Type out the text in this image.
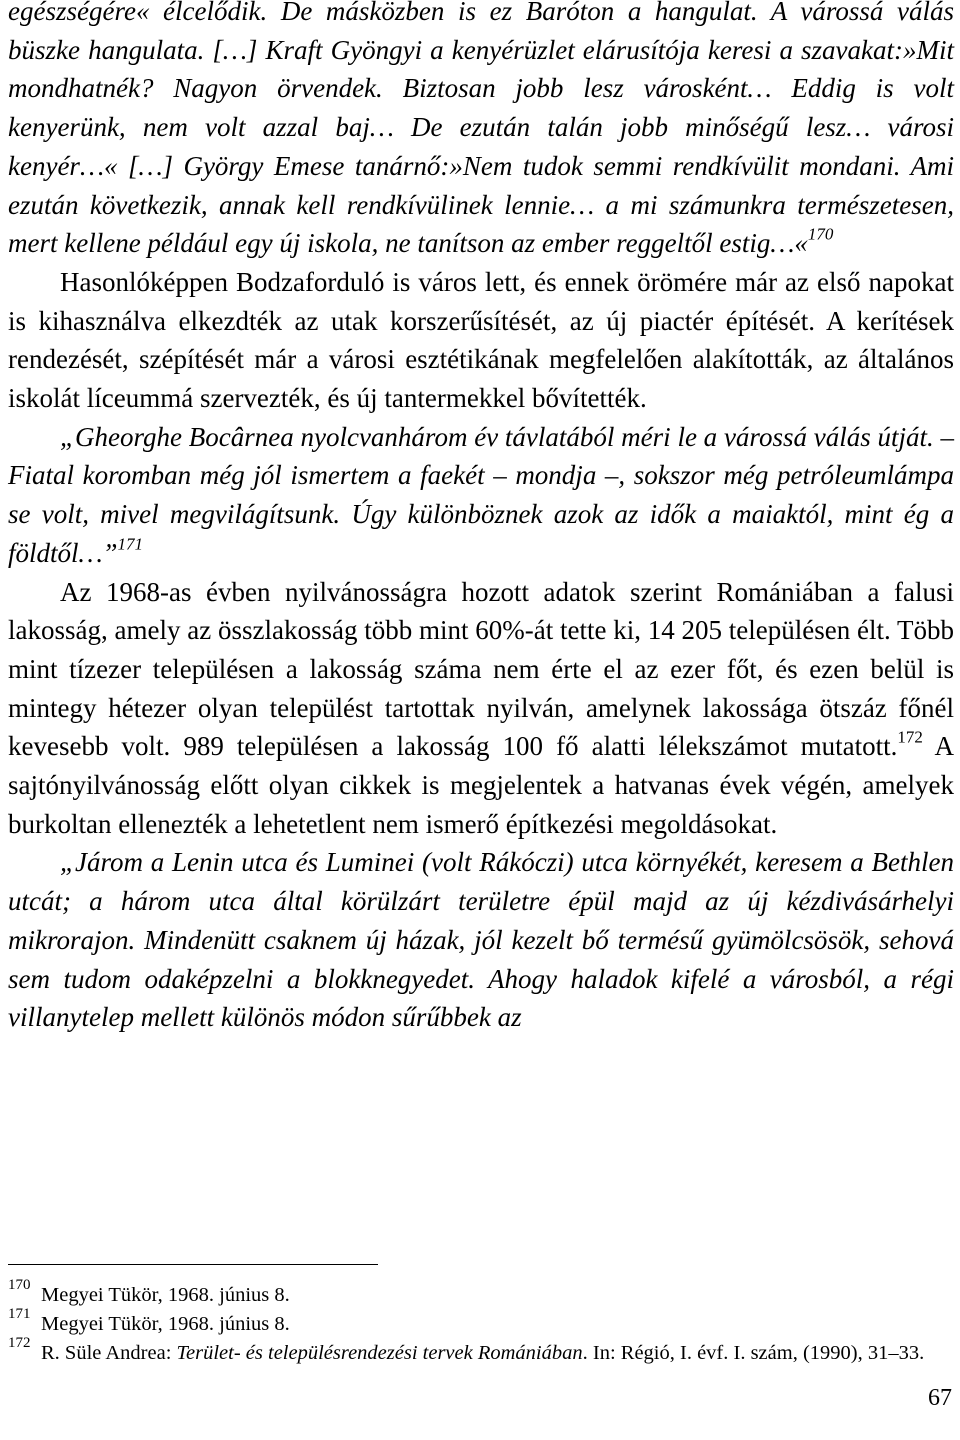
egészségére« élcelődik. De másközben is ez Baróton a hangulat. A várossá válás büszke hangulata. […] Kraft Gyöngyi a kenyérüzlet elárusítója keresi a szavakat:»Mit mondhatnék? Nagyon örvendek. Biztosan jobb lesz városként… Eddig is volt kenyerünk, nem volt azzal baj… De ezután talán jobb minőségű lesz… városi kenyér…« […] György Emese tanárnő:»Nem tudok semmi rendkívülit mondani. Ami ezután következik, annak kell rendkívülinek lennie… a mi számunkra természetesen, mert kellene például egy új iskola, ne tanítson az ember reggeltől estig…«$^{170}$

Hasonlóképpen Bodzaforduló is város lett, és ennek örömére már az első napokat is kihasználva elkezdték az utak korszerűsítését, az új piactér építését. A kerítések rendezését, szépítését már a városi esztétikának megfelelően alakították, az általános iskolát líceummá szervezték, és új tantermekkel bővítették.

„Gheorghe Bocârnea nyolcvanhárom év távlatából méri le a várossá válás útját. ‒ Fiatal koromban még jól ismertem a faekét ‒ mondja ‒, sokszor még petróleumlámpa se volt, mivel megvilágítsunk. Úgy különböznek azok az idők a maiaktól, mint ég a földtől…”$^{171}$

Az 1968-as évben nyilvánosságra hozott adatok szerint Romániában a falusi lakosság, amely az összlakosság több mint 60%-át tette ki, 14 205 településen élt. Több mint tízezer településen a lakosság száma nem érte el az ezer főt, és ezen belül is mintegy hétezer olyan települést tartottak nyilván, amelynek lakossága ötszáz főnél kevesebb volt. 989 településen a lakosság 100 fő alatti lélekszámot mutatott.$^{172}$ A sajtónyilvánosság előtt olyan cikkek is megjelentek a hatvanas évek végén, amelyek burkoltan ellenezték a lehetetlent nem ismerő építkezési megoldásokat.

„Járom a Lenin utca és Luminei (volt Rákóczi) utca környékét, keresem a Bethlen utcát; a három utca által körülzárt területre épül majd az új kézdivásárhelyi mikrorajon. Mindenütt csaknem új házak, jól kezelt bő termésű gyümölcsösök, sehová sem tudom odaképzelni a blokknegyedet. Ahogy haladok kifelé a városból, a régi villanytelep mellett különös módon sűrűbbek az

170 Megyei Tükör, 1968. június 8.
171 Megyei Tükör, 1968. június 8.
172 R. Süle Andrea: Terület- és településrendezési tervek Romániában. In: Régió, I. évf. I. szám, (1990), 31‒33.
67
